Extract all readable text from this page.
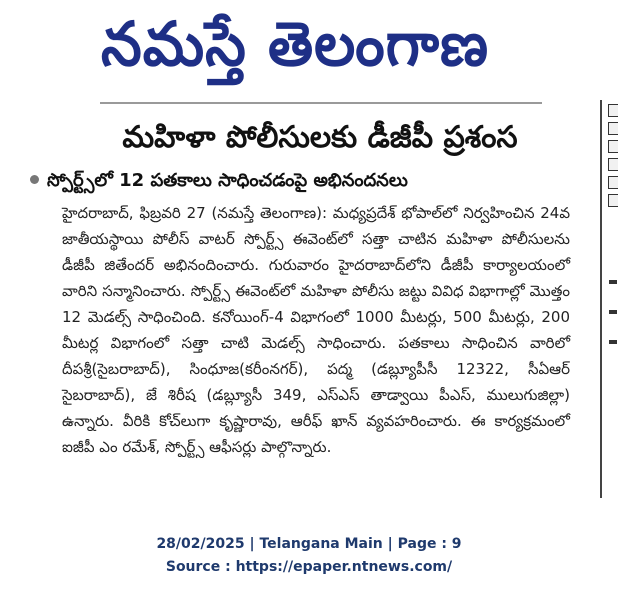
నమస్తే తెలంగాణ
మహిళా పోలీసులకు డీజీపీ ప్రశంస
స్పోర్ట్స్‌లో 12 పతకాలు సాధించడంపై అభినందనలు
హైదరాబాద్, ఫిబ్రవరి 27 (నమస్తే తెలంగాణ): మధ్యప్రదేశ్ భోపాల్‌లో నిర్వహించిన 24వ జాతీయస్థాయి పోలీస్ వాటర్ స్పోర్ట్స్ ఈవెంట్‌లో సత్తా చాటిన మహిళా పోలీసులను డీజీపీ జితేందర్ అభినందించారు. గురువారం హైదరాబాద్‌లోని డీజీపీ కార్యాలయంలో వారిని సన్మానించారు. స్పోర్ట్స్ ఈవెంట్‌లో మహిళా పోలీసు జట్టు వివిధ విభాగాల్లో మొత్తం 12 మెడల్స్ సాధించింది. కనోయింగ్-4 విభాగంలో 1000 మీటర్లు, 500 మీటర్లు, 200 మీటర్ల విభాగంలో సత్తా చాటి మెడల్స్ సాధించారు. పతకాలు సాధించిన వారిలో దీపశ్రీ(సైబరాబాద్), సింధూజ(కరీంనగర్), పద్మ (డబ్ల్యూపీసీ 12322, సీఏఆర్ సైబరాబాద్), జే శిరీష (డబ్ల్యూసీ 349, ఎస్ఎస్ తాడ్వాయి పీఎస్, ములుగుజిల్లా) ఉన్నారు. వీరికి కోచ్‌లుగా కృష్ణారావు, ఆరీఫ్ ఖాన్ వ్యవహరించారు. ఈ కార్యక్రమంలో ఐజీపీ ఎం రమేశ్, స్పోర్ట్స్ ఆఫీసర్లు పాల్గొన్నారు.
28/02/2025 | Telangana Main | Page : 9
Source : https://epaper.ntnews.com/
